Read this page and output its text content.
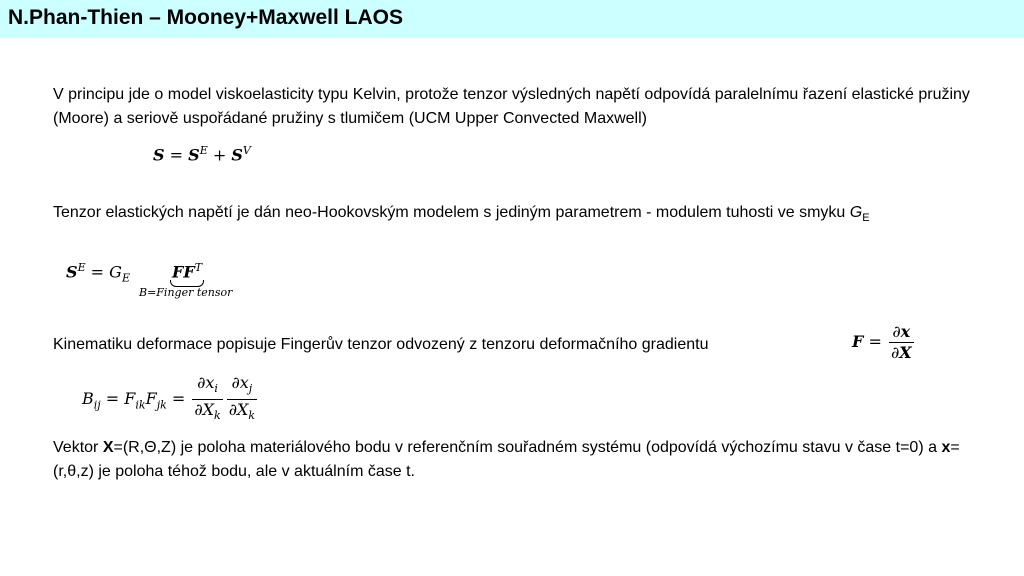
N.Phan-Thien – Mooney+Maxwell LAOS
V principu jde o model viskoelasticity typu Kelvin, protože tenzor výsledných napětí odpovídá paralelnímu řazení elastické pružiny (Moore) a seriově uspořádané pružiny s tlumičem (UCM Upper Convected Maxwell)
$S = S^E + S^V$
Tenzor elastických napětí je dán neo-Hookovským modelem s jediným parametrem - modulem tuhosti ve smyku $G_E$
$S^E = G_E$	$FF^T$
B=Finger tensor
Kinematiku deformace popisuje Fingerův tenzor odvozený z tenzoru deformačního gradientu	$F = \frac{\partial x}{\partial X}$
$B_{ij} = F_{ik}F_{jk} = \frac{\partial x_i}{\partial X_k} \frac{\partial x_j}{\partial X_k}$
Vektor X=(R,Θ,Z) je poloha materiálového bodu v referenčním souřadném systému (odpovídá výchozímu stavu v čase t=0) a x=(r,θ,z) je poloha téhož bodu, ale v aktuálním čase t.
